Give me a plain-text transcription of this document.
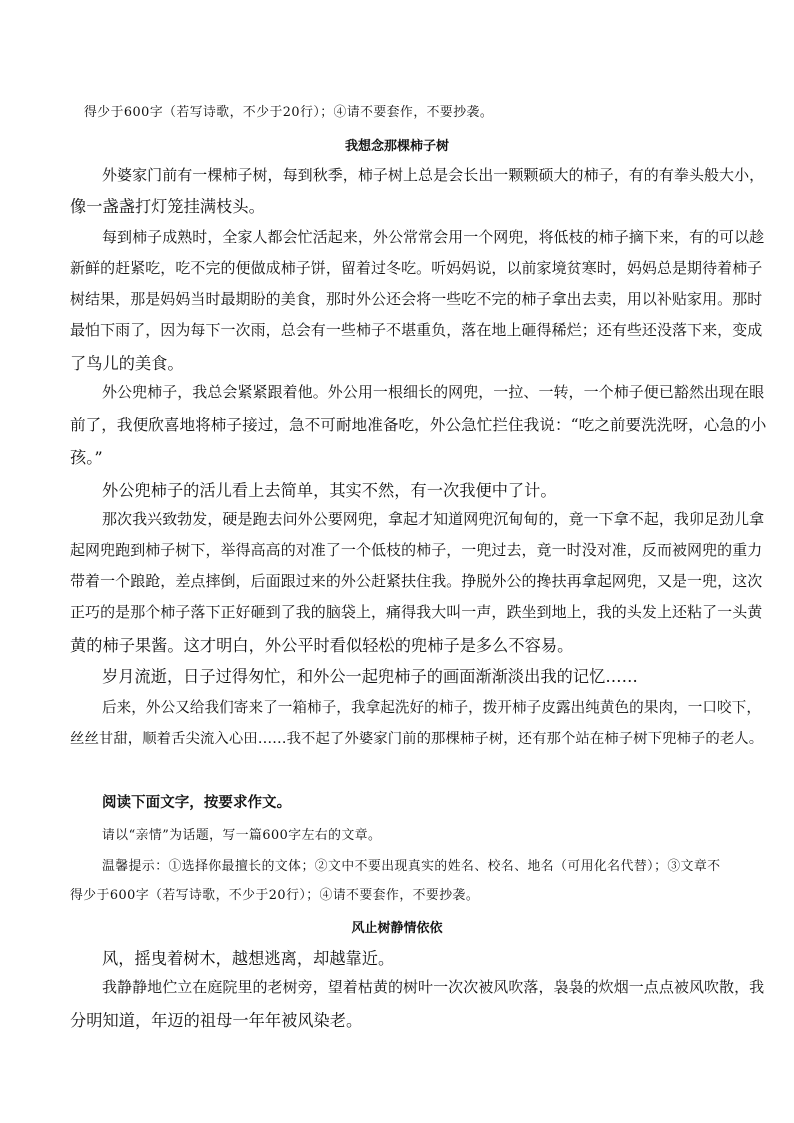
得少于600字（若写诗歌，不少于20行）；④请不要套作，不要抄袭。
我想念那棵柿子树
外婆家门前有一棵柿子树，每到秋季，柿子树上总是会长出一颗颗硕大的柿子，有的有拳头般大小，
像一盏盏打灯笼挂满枝头。
每到柿子成熟时，全家人都会忙活起来，外公常常会用一个网兜，将低枝的柿子摘下来，有的可以趁
新鲜的赶紧吃，吃不完的便做成柿子饼，留着过冬吃。听妈妈说，以前家境贫寒时，妈妈总是期待着柿子
树结果，那是妈妈当时最期盼的美食，那时外公还会将一些吃不完的柿子拿出去卖，用以补贴家用。那时
最怕下雨了，因为每下一次雨，总会有一些柿子不堪重负，落在地上砸得稀烂；还有些还没落下来，变成
了鸟儿的美食。
外公兜柿子，我总会紧紧跟着他。外公用一根细长的网兜，一拉、一转，一个柿子便已豁然出现在眼
前了，我便欣喜地将柿子接过，急不可耐地准备吃，外公急忙拦住我说：“吃之前要洗洗呀，心急的小
孩。”
外公兜柿子的活儿看上去简单，其实不然，有一次我便中了计。
那次我兴致勃发，硬是跑去问外公要网兜，拿起才知道网兜沉甸甸的，竟一下拿不起，我卯足劲儿拿
起网兜跑到柿子树下，举得高高的对准了一个低枝的柿子，一兜过去，竟一时没对准，反而被网兜的重力
带着一个踉跄，差点摔倒，后面跟过来的外公赶紧扶住我。挣脱外公的搀扶再拿起网兜，又是一兜，这次
正巧的是那个柿子落下正好砸到了我的脑袋上，痛得我大叫一声，跌坐到地上，我的头发上还粘了一头黄
黄的柿子果酱。这才明白，外公平时看似轻松的兜柿子是多么不容易。
岁月流逝，日子过得匆忙，和外公一起兜柿子的画面渐渐淡出我的记忆……
后来，外公又给我们寄来了一箱柿子，我拿起洗好的柿子，拨开柿子皮露出纯黄色的果肉，一口咬下，
丝丝甘甜，顺着舌尖流入心田……我不起了外婆家门前的那棵柿子树，还有那个站在柿子树下兜柿子的老人。
阅读下面文字，按要求作文。
请以“亲情”为话题，写一篇600字左右的文章。
温馨提示：①选择你最擅长的文体；②文中不要出现真实的姓名、校名、地名（可用化名代替）；③文章不
得少于600字（若写诗歌，不少于20行）；④请不要套作，不要抄袭。
风止树静情依依
风，摇曳着树木，越想逃离，却越靠近。
我静静地伫立在庭院里的老树旁，望着枯黄的树叶一次次被风吹落，袅袅的炊烟一点点被风吹散，我
分明知道，年迈的祖母一年年被风染老。
